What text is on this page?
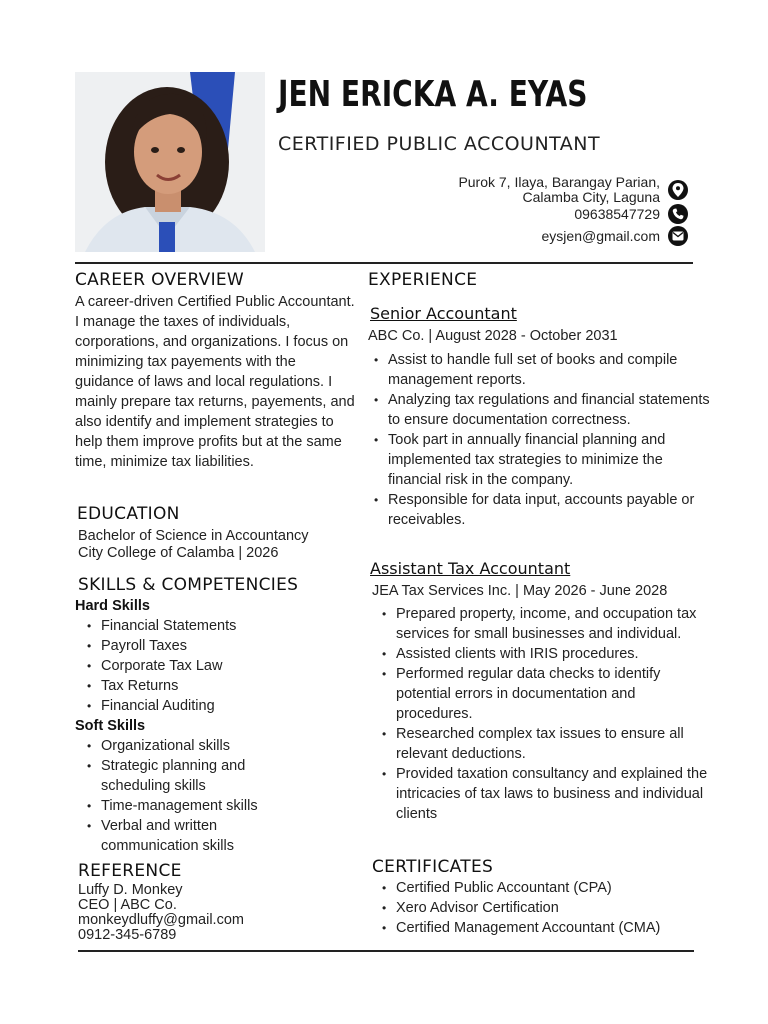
JEN ERICKA A. EYAS
CERTIFIED PUBLIC ACCOUNTANT
Purok 7, Ilaya, Barangay Parian,
Calamba City, Laguna
09638547729
eysjen@gmail.com
CAREER OVERVIEW
A career-driven Certified Public Accountant. I manage the taxes of individuals, corporations, and organizations. I focus on minimizing tax payements with the guidance of laws and local regulations. I mainly prepare tax returns, payements, and also identify and implement strategies to help them improve profits but at the same time, minimize tax liabilities.
EDUCATION
Bachelor of Science in Accountancy
City College of Calamba | 2026
SKILLS & COMPETENCIES
Hard Skills
• Financial Statements
• Payroll Taxes
• Corporate Tax Law
• Tax Returns
• Financial Auditing
Soft Skills
• Organizational skills
• Strategic planning and scheduling skills
• Time-management skills
• Verbal and written communication skills
REFERENCE
Luffy D. Monkey
CEO | ABC Co.
monkeydluffy@gmail.com
0912-345-6789
EXPERIENCE
Senior Accountant
ABC Co. | August 2028 - October 2031
• Assist to handle full set of books and compile management reports.
• Analyzing tax regulations and financial statements to ensure documentation correctness.
• Took part in annually financial planning and implemented tax strategies to minimize the financial risk in the company.
• Responsible for data input, accounts payable or receivables.
Assistant Tax Accountant
JEA Tax Services Inc. | May 2026 - June 2028
• Prepared property, income, and occupation tax services for small businesses and individual.
• Assisted clients with IRIS procedures.
• Performed regular data checks to identify potential errors in documentation and procedures.
• Researched complex tax issues to ensure all relevant deductions.
• Provided taxation consultancy and explained the intricacies of tax laws to business and individual clients
CERTIFICATES
• Certified Public Accountant (CPA)
• Xero Advisor Certification
• Certified Management Accountant (CMA)
